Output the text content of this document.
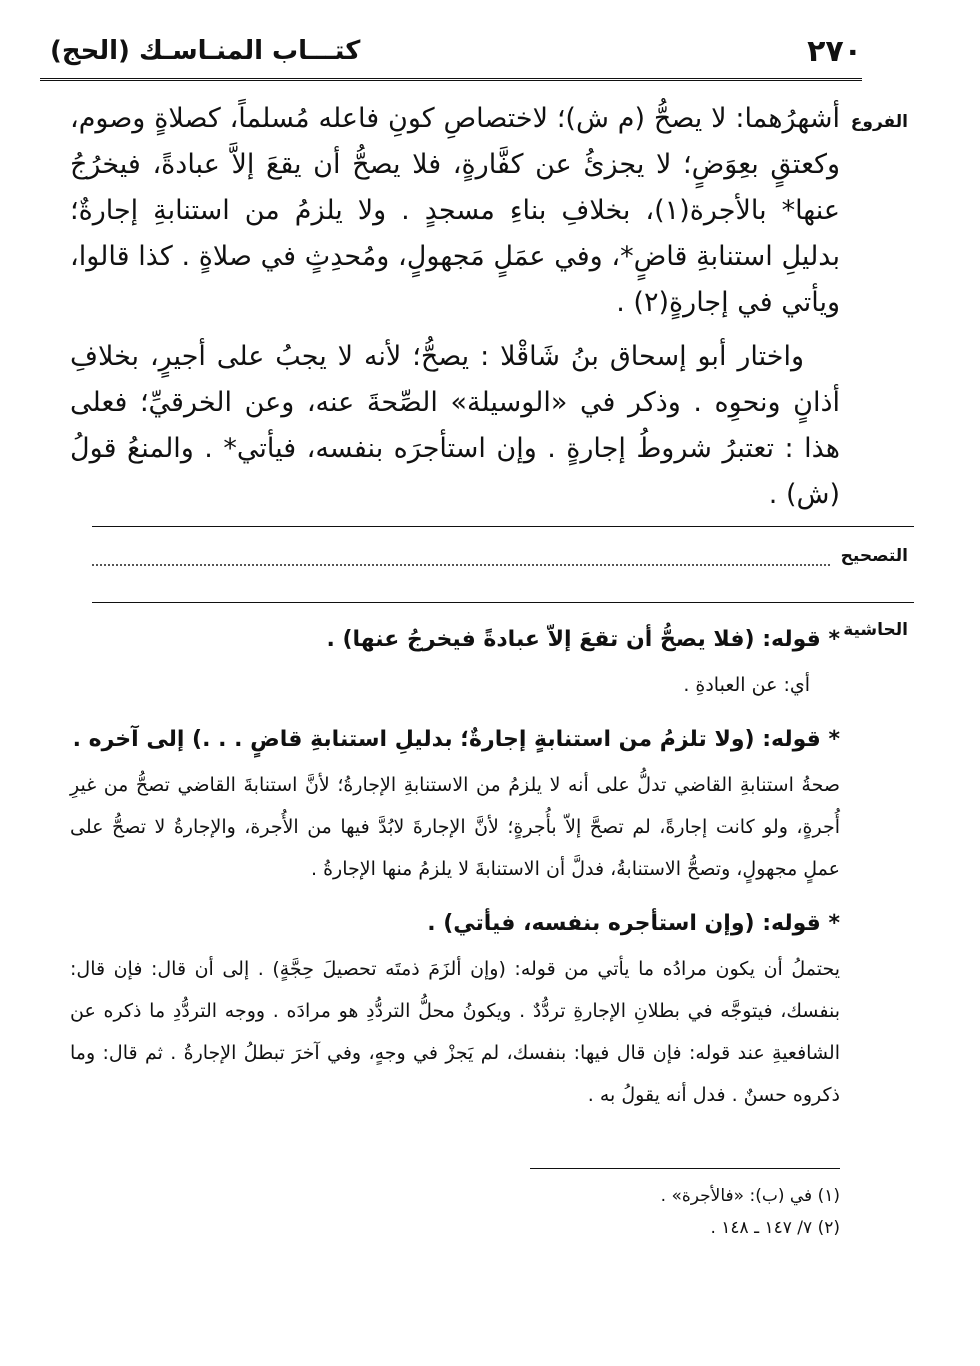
٢٧٠
كتـــاب المنـاسـك (الحج)
الفروع

أشهرُهما: لا يصحُّ (م ش)؛ لاختصاصِ كونِ فاعله مُسلماً، كصلاةٍ وصوم، وكعتقٍ بعِوَضٍ؛ لا يجزئُ عن كفَّارةٍ، فلا يصحُّ أن يقعَ إلاَّ عبادةً، فيخرُجُ عنها* بالأجرة(١)، بخلافِ بناءِ مسجدٍ . ولا يلزمُ من استنابةِ إجارةٌ؛ بدليلِ استنابةِ قاضٍ*، وفي عمَلٍ مَجهولٍ، ومُحدِثٍ في صلاةٍ . كذا قالوا، ويأتي في إجارةٍ(٢) .

واختار أبو إسحاق بنُ شَاقْلا : يصحُّ؛ لأنه لا يجبُ على أجيرٍ، بخلافِ أذانٍ ونحوِه . وذكر في «الوسيلة» الصِّحةَ عنه، وعن الخرقيِّ؛ فعلى هذا : تعتبرُ شروطُ إجارةٍ . وإن استأجرَه بنفسه، فيأتي* . والمنعُ قولُ (ش) .

التصحيح
الحاشية

* قوله: (فلا يصحُّ أن تقعَ إلاّ عبادةً فيخرجُ عنها) .

أي: عن العبادةِ .

* قوله: (ولا تلزمُ من استنابةٍ إجارةٌ؛ بدليلِ استنابةِ قاضٍ . . .) إلى آخره .

صحةُ استنابةِ القاضي تدلُّ على أنه لا يلزمُ من الاستنابةِ الإجارةُ؛ لأنَّ استنابةَ القاضي تصحُّ من غيرِ أُجرةٍ، ولو كانت إجارةً، لم تصحَّ إلاّ بأُجرةٍ؛ لأنَّ الإجارةَ لابُدَّ فيها من الأُجرة، والإجارةُ لا تصحُّ على عملٍ مجهولٍ، وتصحُّ الاستنابةُ، فدلَّ أن الاستنابةَ لا يلزمُ منها الإجارةُ .

* قوله: (وإن استأجره بنفسه، فيأتي) .

يحتملُ أن يكون مرادُه ما يأتي من قوله: (وإن ألزَمَ ذمتَه تحصيلَ حِجَّةٍ) . إلى أن قال: فإن قال: بنفسك، فيتوجَّه في بطلانِ الإجارةِ تردُّدٌ . ويكونُ محلُّ التردُّدِ هو مرادَه . ووجه التردُّدِ ما ذكره عن الشافعيةِ عند قوله: فإن قال فيها: بنفسك، لم يَجزْ في وجهٍ، وفي آخرَ تبطلُ الإجارةُ . ثم قال: وما ذكروه حسنٌ . فدل أنه يقولُ به .

(١) في (ب): «فالأجرة» .

(٢) ٧/ ١٤٧ ـ ١٤٨ .
